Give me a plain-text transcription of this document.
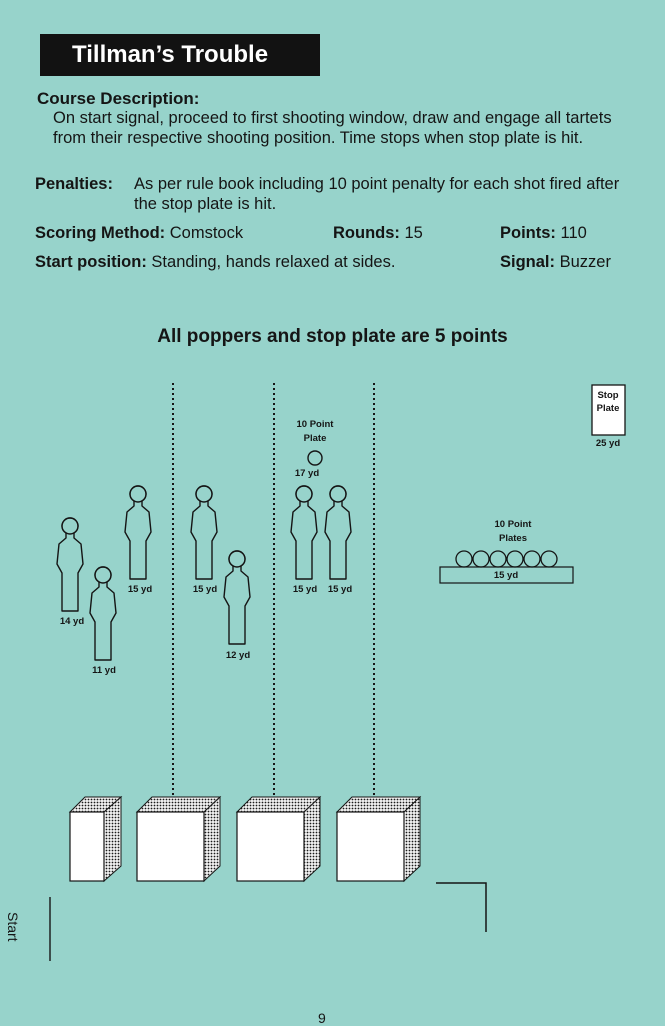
Tillman’s Trouble
Course Description:
On start signal, proceed to first shooting window, draw and engage all tartets from their respective shooting position. Time stops when stop plate is hit.
Penalties: As per rule book including 10 point penalty for each shot fired after the stop plate is hit.
Scoring Method: Comstock	Rounds: 15	Points: 110
Start position: Standing, hands relaxed at sides.	Signal: Buzzer
All poppers and stop plate are 5 points
14 yd
11 yd
15 yd	15 yd
12 yd
15 yd 15 yd
10 Point
Plate
17 yd
10 Point
Plates
15 yd
Stop
Plate
25 yd
Start
9
